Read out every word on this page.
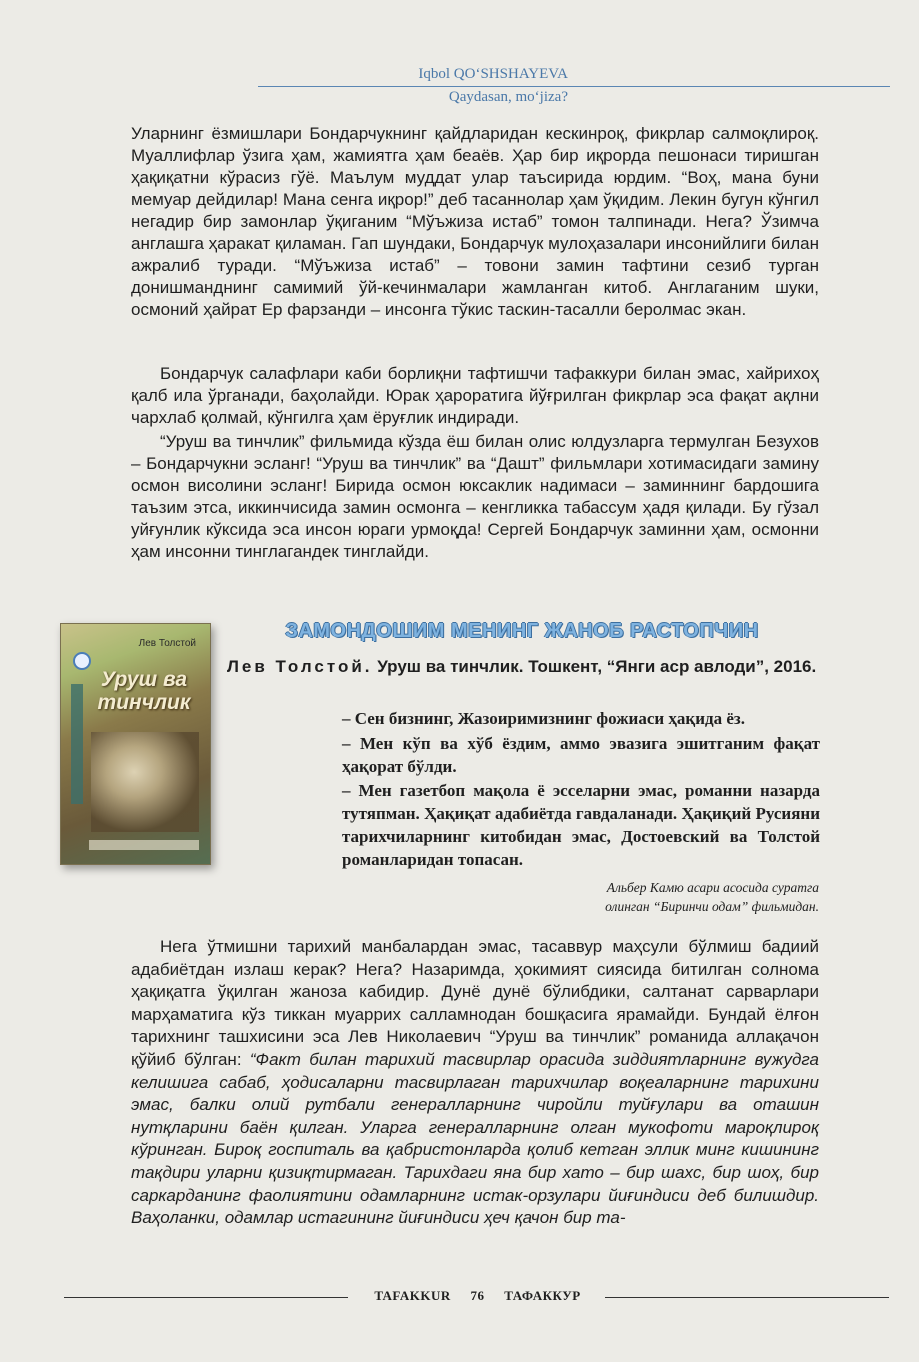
Iqbol QO‘SHSHAYEVA
Qaydasan, mo‘jiza?

Уларнинг ёзмишлари Бондарчукнинг қайдларидан кескинроқ, фикрлар салмоқлироқ. Муаллифлар ўзига ҳам, жамиятга ҳам беаёв. Ҳар бир иқрорда пешонаси тиришган ҳақиқатни кўрасиз гўё. Маълум муддат улар таъсирида юрдим. “Воҳ, мана буни мемуар дейдилар! Мана сенга иқрор!” деб тасаннолар ҳам ўқидим. Лекин бугун кўнгил негадир бир замонлар ўқиганим “Мўъжиза истаб” томон талпинади. Нега? Ўзимча англашга ҳаракат қиламан. Гап шундаки, Бондарчук мулоҳазалари инсонийлиги билан ажралиб туради. “Мўъжиза истаб” – товони замин тафтини сезиб турган донишманднинг самимий ўй-кечинмалари жамланган китоб. Англаганим шуки, осмоний ҳайрат Ер фарзанди – инсонга тўкис таскин-тасалли беролмас экан.

Бондарчук салафлари каби борлиқни тафтишчи тафаккури билан эмас, хайрихоҳ қалб ила ўрганади, баҳолайди. Юрак ҳароратига йўғрилган фикрлар эса фақат ақлни чархлаб қолмай, кўнгилга ҳам ёруғлик индиради.

“Уруш ва тинчлик” фильмида кўзда ёш билан олис юлдузларга термулган Безухов – Бондарчукни эсланг! “Уруш ва тинчлик” ва “Дашт” фильмлари хотимасидаги замину осмон висолини эсланг! Бирида осмон юксаклик надимаси – заминнинг бардошига таъзим этса, иккинчисида замин осмонга – кенгликка табассум ҳадя қилади. Бу гўзал уйғунлик кўксида эса инсон юраги урмоқда! Сергей Бондарчук заминни ҳам, осмонни ҳам инсонни тинглагандек тинглайди.

ЗАМОНДОШИМ МЕНИНГ ЖАНОБ РАСТОПЧИН
Лев Толстой
Уруш ва тинчлик
Лев Толстой. Уруш ва тинчлик. Тошкент, “Янги аср авлоди”, 2016.
– Сен бизнинг, Жазоиримизнинг фожиаси ҳақида ёз.
– Мен кўп ва хўб ёздим, аммо эвазига эшитганим фақат ҳақорат бўлди.
– Мен газетбоп мақола ё эсселарни эмас, романни назарда тутяпман. Ҳақиқат адабиётда гавдаланади. Ҳақиқий Русияни тарихчиларнинг китобидан эмас, Достоевский ва Толстой романларидан топасан.
Альбер Камю асари асосида суратга
олинган “Биринчи одам” фильмидан.

Нега ўтмишни тарихий манбалардан эмас, тасаввур маҳсули бўлмиш бадиий адабиётдан излаш керак? Нега? Назаримда, ҳокимият сиясида битилган солнома ҳақиқатга ўқилган жаноза кабидир. Дунё дунё бўлибдики, салтанат сарварлари марҳаматига кўз тиккан муаррих салламнодан бошқасига ярамайди. Бундай ёлғон тарихнинг ташхисини эса Лев Николаевич “Уруш ва тинчлик” романида аллақачон қўйиб бўлган: “Факт билан тарихий тасвирлар орасида зиддиятларнинг вужудга келишига сабаб, ҳодисаларни тасвирлаган тарихчилар воқеаларнинг тарихини эмас, балки олий рутбали генералларнинг чиройли туйғулари ва оташин нутқларини баён қилган. Уларга генералларнинг олган мукофоти мароқлироқ кўринган. Бироқ госпиталь ва қабристонларда қолиб кетган эллик минг кишининг тақдири уларни қизиқтирмаган. Тарихдаги яна бир хато – бир шахс, бир шоҳ, бир саркарданинг фаолиятини одамларнинг истак-орзулари йиғиндиси деб билишдир. Ваҳоланки, одамлар истагининг йиғиндиси ҳеч қачон бир та-

TAFAKKUR 76 ТАФАККУР
